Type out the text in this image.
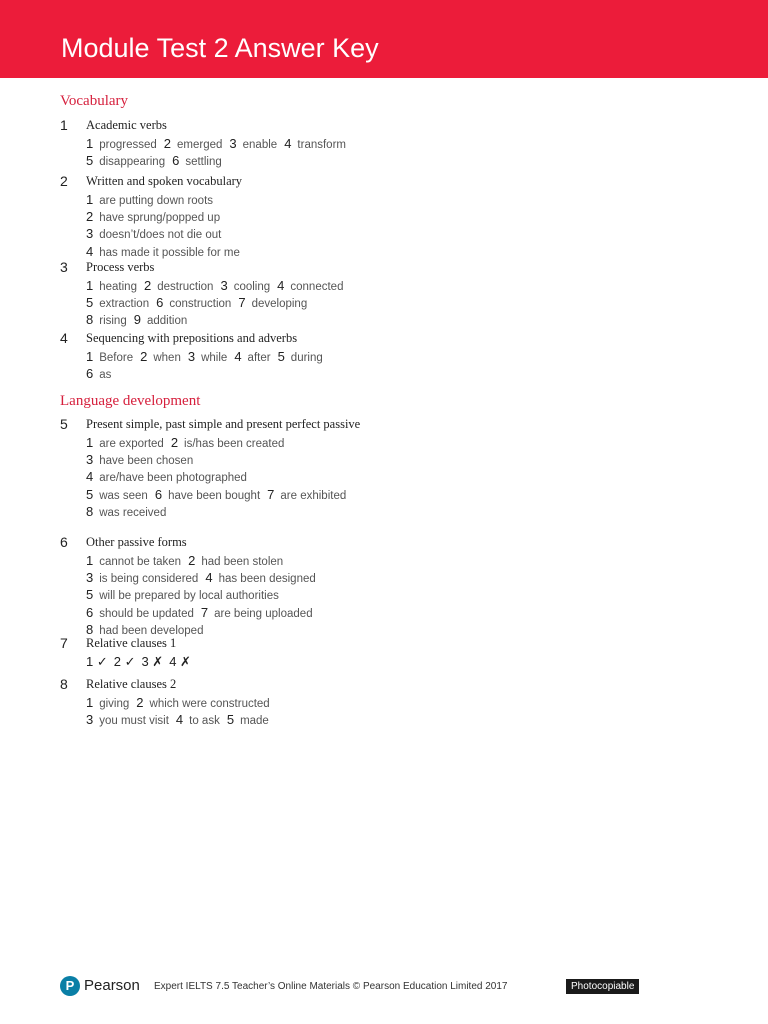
Module Test 2 Answer Key
Vocabulary
1 Academic verbs
1 progressed 2 emerged 3 enable 4 transform
5 disappearing 6 settling
2 Written and spoken vocabulary
1 are putting down roots
2 have sprung/popped up
3 doesn’t/does not die out
4 has made it possible for me
3 Process verbs
1 heating 2 destruction 3 cooling 4 connected
5 extraction 6 construction 7 developing
8 rising 9 addition
4 Sequencing with prepositions and adverbs
1 Before 2 when 3 while 4 after 5 during
6 as
Language development
5 Present simple, past simple and present perfect passive
1 are exported 2 is/has been created
3 have been chosen
4 are/have been photographed
5 was seen 6 have been bought 7 are exhibited
8 was received
6 Other passive forms
1 cannot be taken 2 had been stolen
3 is being considered 4 has been designed
5 will be prepared by local authorities
6 should be updated 7 are being uploaded
8 had been developed
7 Relative clauses 1
1 ✓ 2 ✓ 3 ✗ 4 ✗
8 Relative clauses 2
1 giving 2 which were constructed
3 you must visit 4 to ask 5 made
P Pearson Expert IELTS 7.5 Teacher’s Online Materials © Pearson Education Limited 2017	Photocopiable
